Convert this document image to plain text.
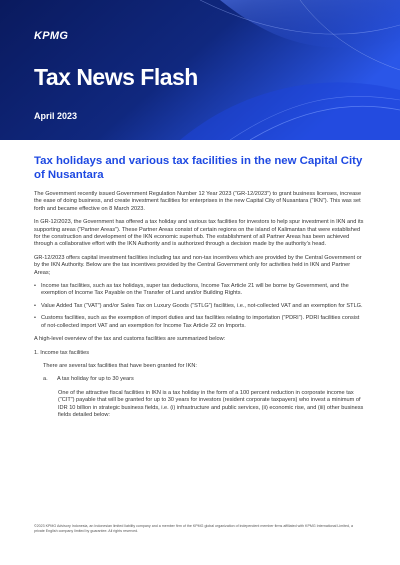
KPMG
Tax News Flash
April 2023
Tax holidays and various tax facilities in the new Capital City of Nusantara

The Government recently issued Government Regulation Number 12 Year 2023 (“GR-12/2023”) to grant business licenses, increase the ease of doing business, and create investment facilities for enterprises in the new Capital City of Nusantara (“IKN”). This was set forth and became effective on 8 March 2023.

In GR-12/2023, the Government has offered a tax holiday and various tax facilities for investors to help spur investment in IKN and its supporting areas (“Partner Areas”). These Partner Areas consist of certain regions on the island of Kalimantan that were established for the construction and development of the IKN economic superhub. The establishment of all Partner Areas has been achieved through a collaborative effort with the IKN Authority and is authorized through a decision made by the authority’s head.

GR-12/2023 offers capital investment facilities including tax and non-tax incentives which are provided by the Central Government or by the IKN Authority. Below are the tax incentives provided by the Central Government only for activities held in IKN and Partner Areas;

• Income tax facilities, such as tax holidays, super tax deductions, Income Tax Article 21 will be borne by Government, and the exemption of Income Tax Payable on the Transfer of Land and/or Building Rights.
• Value Added Tax (“VAT”) and/or Sales Tax on Luxury Goods (“STLG”) facilities, i.e., not-collected VAT and an exemption for STLG.
• Customs facilities, such as the exemption of import duties and tax facilities relating to importation (“PDRI”). PDRI facilities consist of not-collected import VAT and an exemption for Income Tax Article 22 on Imports.

A high-level overview of the tax and customs facilities are summarized below:

1. Income tax facilities
There are several tax facilities that have been granted for IKN:
a. A tax holiday for up to 30 years

One of the attractive fiscal facilities in IKN is a tax holiday in the form of a 100 percent reduction in corporate income tax (“CIT”) payable that will be granted for up to 30 years for investors (resident corporate taxpayers) who invest a minimum of IDR 10 billion in strategic business fields, i.e. (i) infrastructure and public services, (ii) economic rise, and (iii) other business fields detailed below:

©2023 KPMG Advisory Indonesia, an Indonesian limited liability company and a member firm of the KPMG global organization of independent member firms affiliated with KPMG International Limited, a private English company limited by guarantee. All rights reserved.
